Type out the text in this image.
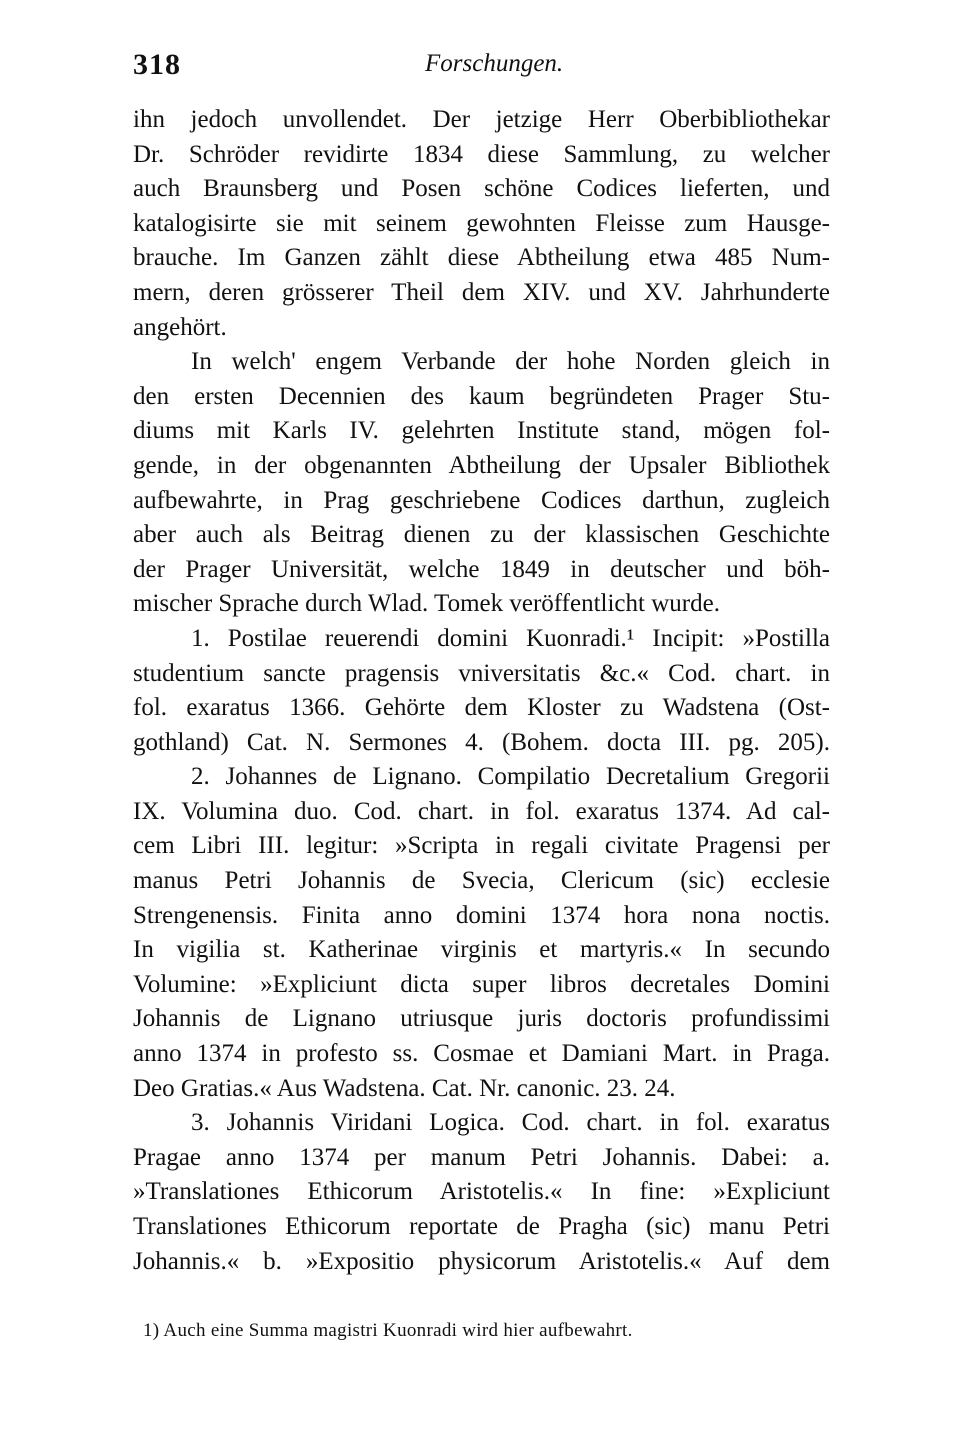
318	Forschungen.
ihn jedoch unvollendet. Der jetzige Herr Oberbibliothekar
Dr. Schröder revidirte 1834 diese Sammlung, zu welcher
auch Braunsberg und Posen schöne Codices lieferten, und
katalogisirte sie mit seinem gewohnten Fleisse zum Hausge-
brauche. Im Ganzen zählt diese Abtheilung etwa 485 Num-
mern, deren grösserer Theil dem XIV. und XV. Jahrhunderte
angehört.
In welch' engem Verbande der hohe Norden gleich in
den ersten Decennien des kaum begründeten Prager Stu-
diums mit Karls IV. gelehrten Institute stand, mögen fol-
gende, in der obgenannten Abtheilung der Upsaler Bibliothek
aufbewahrte, in Prag geschriebene Codices darthun, zugleich
aber auch als Beitrag dienen zu der klassischen Geschichte
der Prager Universität, welche 1849 in deutscher und böh-
mischer Sprache durch Wlad. Tomek veröffentlicht wurde.
1. Postilae reuerendi domini Kuonradi.¹ Incipit: »Postilla
studentium sancte pragensis vniversitatis &c.« Cod. chart. in
fol. exaratus 1366. Gehörte dem Kloster zu Wadstena (Ost-
gothland) Cat. N. Sermones 4. (Bohem. docta III. pg. 205).
2. Johannes de Lignano. Compilatio Decretalium Gregorii
IX. Volumina duo. Cod. chart. in fol. exaratus 1374. Ad cal-
cem Libri III. legitur: »Scripta in regali civitate Pragensi per
manus Petri Johannis de Svecia, Clericum (sic) ecclesie
Strengenensis. Finita anno domini 1374 hora nona noctis.
In vigilia st. Katherinae virginis et martyris.« In secundo
Volumine: »Expliciunt dicta super libros decretales Domini
Johannis de Lignano utriusque juris doctoris profundissimi
anno 1374 in profesto ss. Cosmae et Damiani Mart. in Praga.
Deo Gratias.« Aus Wadstena. Cat. Nr. canonic. 23. 24.
3. Johannis Viridani Logica. Cod. chart. in fol. exaratus
Pragae anno 1374 per manum Petri Johannis. Dabei: a.
»Translationes Ethicorum Aristotelis.« In fine: »Expliciunt
Translationes Ethicorum reportate de Pragha (sic) manu Petri
Johannis.« b. »Expositio physicorum Aristotelis.« Auf dem
1) Auch eine Summa magistri Kuonradi wird hier aufbewahrt.
